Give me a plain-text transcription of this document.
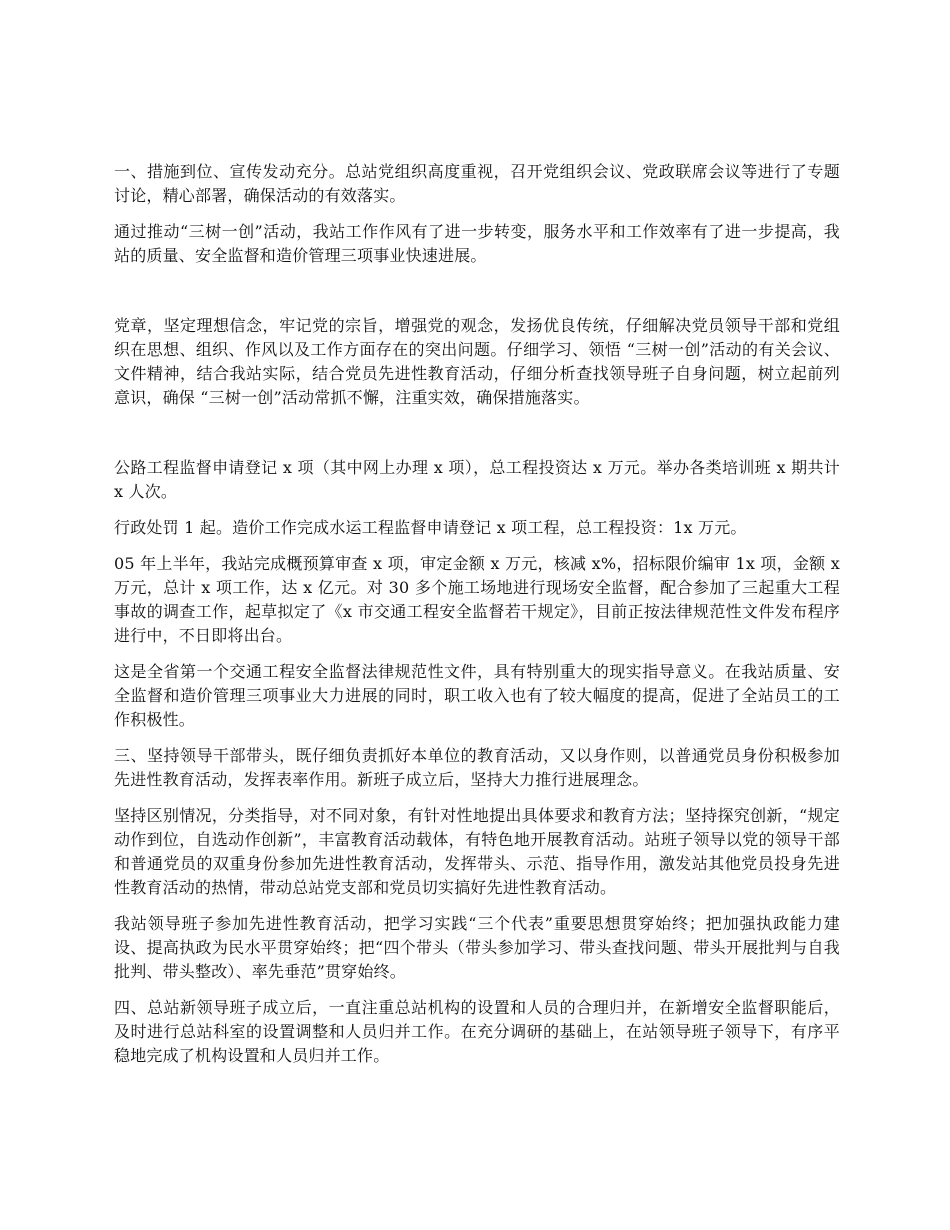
一、措施到位、宣传发动充分。总站党组织高度重视，召开党组织会议、党政联席会议等进行了专题讨论，精心部署，确保活动的有效落实。

通过推动“三树一创”活动，我站工作作风有了进一步转变，服务水平和工作效率有了进一步提高，我站的质量、安全监督和造价管理三项事业快速进展。

党章，坚定理想信念，牢记党的宗旨，增强党的观念，发扬优良传统，仔细解决党员领导干部和党组织在思想、组织、作风以及工作方面存在的突出问题。仔细学习、领悟 “三树一创”活动的有关会议、文件精神，结合我站实际，结合党员先进性教育活动，仔细分析查找领导班子自身问题，树立起前列意识，确保 “三树一创”活动常抓不懈，注重实效，确保措施落实。

公路工程监督申请登记 x 项（其中网上办理 x 项），总工程投资达 x 万元。举办各类培训班 x 期共计 x 人次。

行政处罚 1 起。造价工作完成水运工程监督申请登记 x 项工程，总工程投资：1x 万元。

05 年上半年，我站完成概预算审查 x 项，审定金额 x 万元，核减 x%，招标限价编审 1x 项，金额 x 万元，总计 x 项工作，达 x 亿元。对 30 多个施工场地进行现场安全监督，配合参加了三起重大工程事故的调查工作，起草拟定了《x 市交通工程安全监督若干规定》，目前正按法律规范性文件发布程序进行中，不日即将出台。

这是全省第一个交通工程安全监督法律规范性文件，具有特别重大的现实指导意义。在我站质量、安全监督和造价管理三项事业大力进展的同时，职工收入也有了较大幅度的提高，促进了全站员工的工作积极性。

三、坚持领导干部带头，既仔细负责抓好本单位的教育活动，又以身作则，以普通党员身份积极参加先进性教育活动，发挥表率作用。新班子成立后，坚持大力推行进展理念。

坚持区别情况，分类指导，对不同对象，有针对性地提出具体要求和教育方法；坚持探究创新，“规定动作到位，自选动作创新”，丰富教育活动载体，有特色地开展教育活动。站班子领导以党的领导干部和普通党员的双重身份参加先进性教育活动，发挥带头、示范、指导作用，激发站其他党员投身先进性教育活动的热情，带动总站党支部和党员切实搞好先进性教育活动。

我站领导班子参加先进性教育活动，把学习实践“三个代表”重要思想贯穿始终；把加强执政能力建设、提高执政为民水平贯穿始终；把“四个带头（带头参加学习、带头查找问题、带头开展批判与自我批判、带头整改）、率先垂范”贯穿始终。

四、总站新领导班子成立后，一直注重总站机构的设置和人员的合理归并，在新增安全监督职能后，及时进行总站科室的设置调整和人员归并工作。在充分调研的基础上，在站领导班子领导下，有序平稳地完成了机构设置和人员归并工作。
